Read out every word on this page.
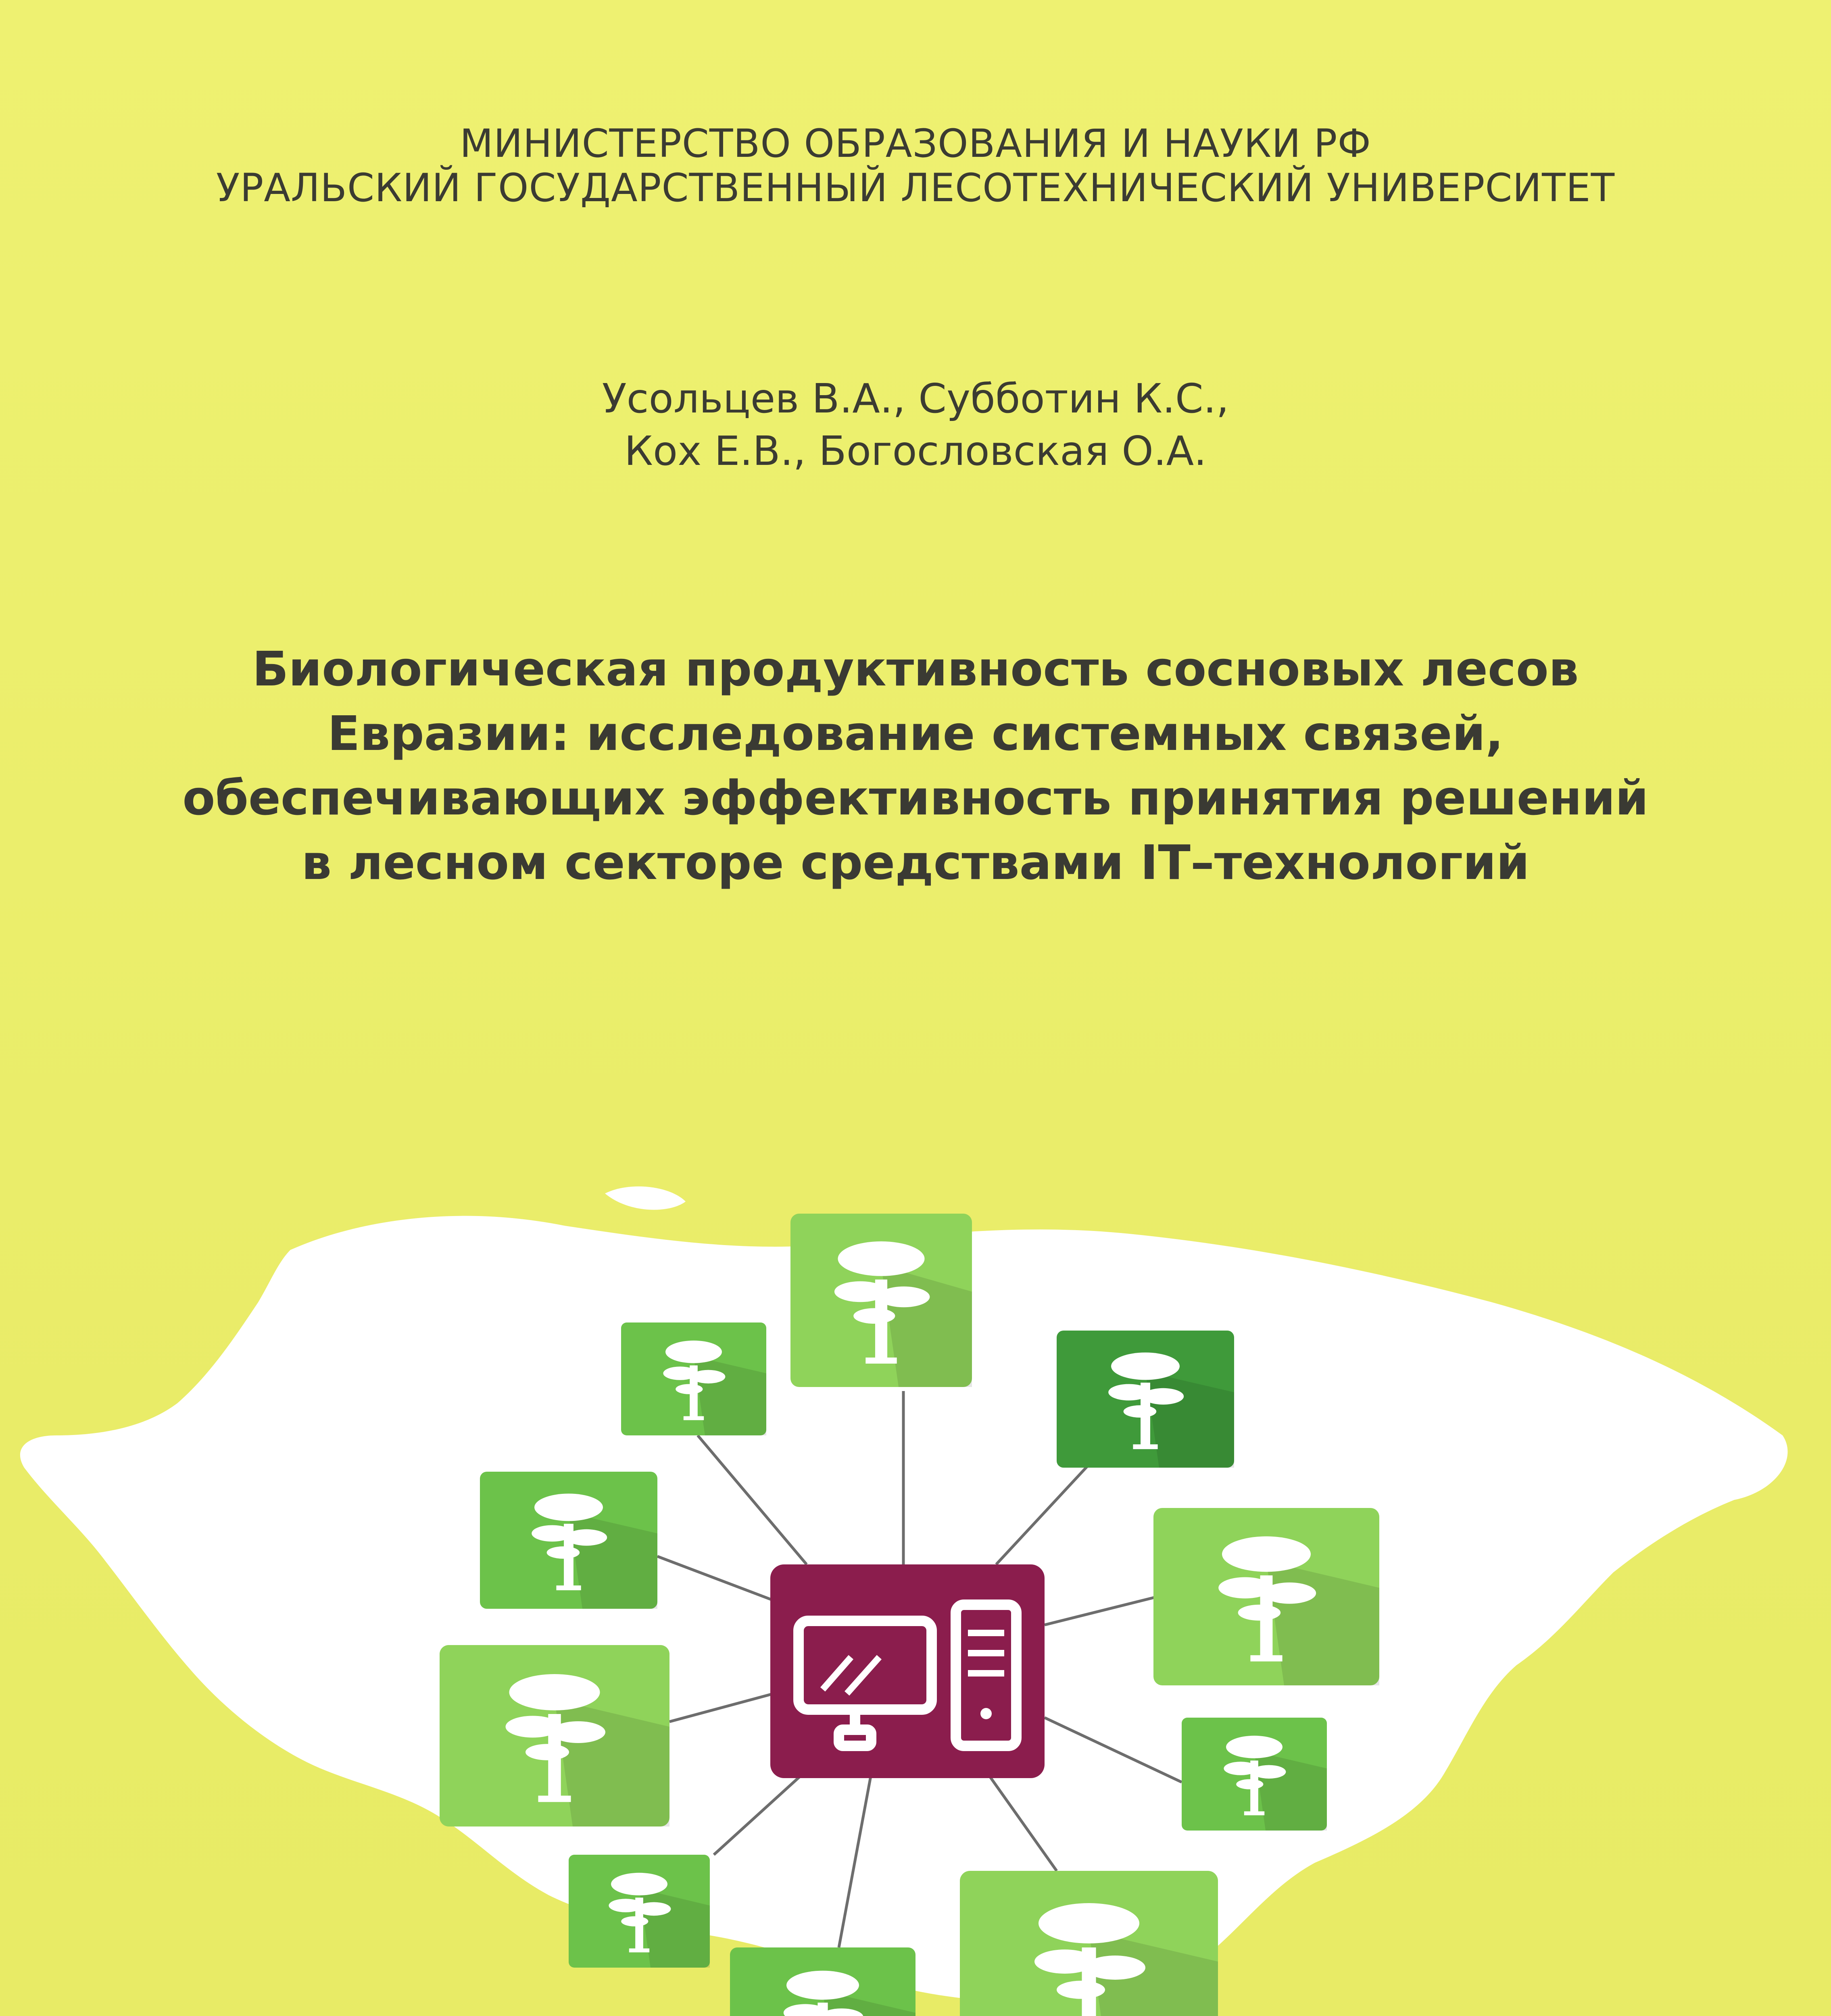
МИНИСТЕРСТВО ОБРАЗОВАНИЯ И НАУКИ РФ
УРАЛЬСКИЙ ГОСУДАРСТВЕННЫЙ ЛЕСОТЕХНИЧЕСКИЙ УНИВЕРСИТЕТ
Усольцев В.А., Субботин К.С.,
Кох Е.В., Богословская О.А.
Биологическая продуктивность сосновых лесов
Евразии: исследование системных связей,
обеспечивающих эффективность принятия решений
в лесном секторе средствами IT–технологий
